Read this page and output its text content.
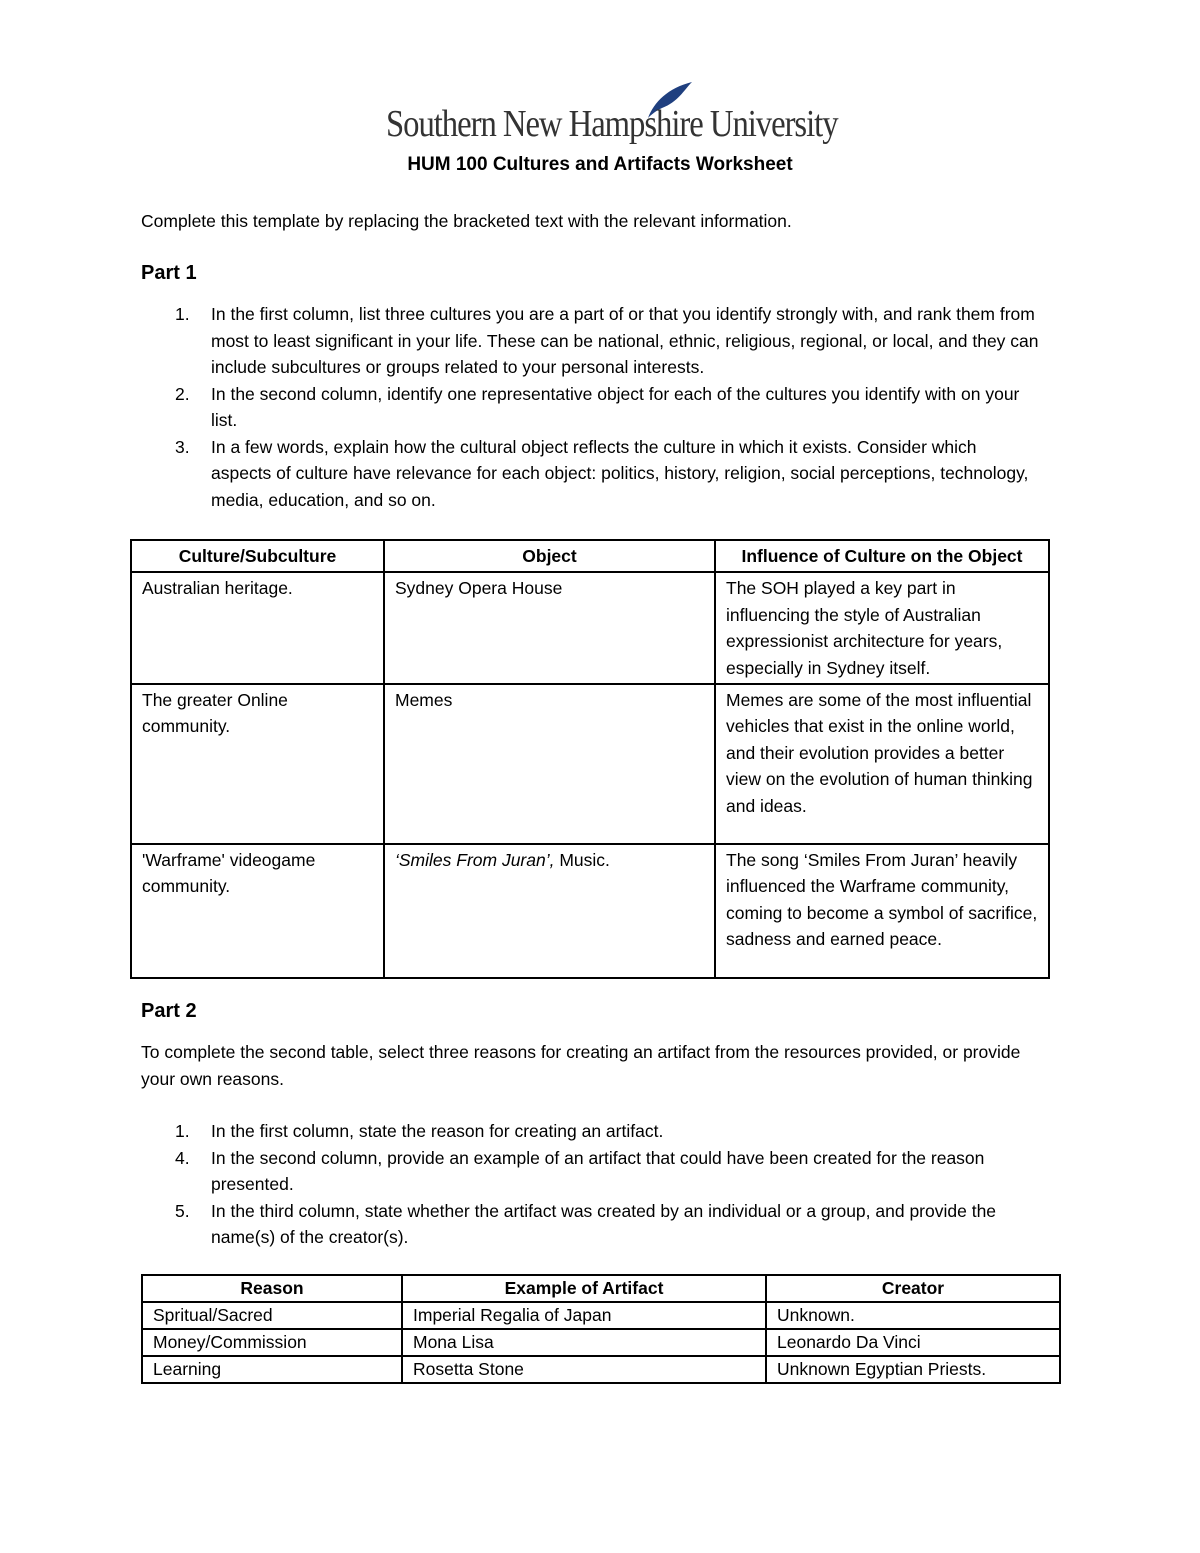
Southern New Hampshire University
HUM 100 Cultures and Artifacts Worksheet
Complete this template by replacing the bracketed text with the relevant information.
Part 1
1. In the first column, list three cultures you are a part of or that you identify strongly with, and rank them from most to least significant in your life. These can be national, ethnic, religious, regional, or local, and they can include subcultures or groups related to your personal interests.
2. In the second column, identify one representative object for each of the cultures you identify with on your list.
3. In a few words, explain how the cultural object reflects the culture in which it exists. Consider which aspects of culture have relevance for each object: politics, history, religion, social perceptions, technology, media, education, and so on.
Culture/Subculture	Object	Influence of Culture on the Object
Australian heritage.	Sydney Opera House	The SOH played a key part in influencing the style of Australian expressionist architecture for years, especially in Sydney itself.
The greater Online community.	Memes	Memes are some of the most influential vehicles that exist in the online world, and their evolution provides a better view on the evolution of human thinking and ideas.
'Warframe' videogame community.	‘Smiles From Juran’, Music.	The song ‘Smiles From Juran’ heavily influenced the Warframe community, coming to become a symbol of sacrifice, sadness and earned peace.
Part 2
To complete the second table, select three reasons for creating an artifact from the resources provided, or provide your own reasons.
1. In the first column, state the reason for creating an artifact.
4. In the second column, provide an example of an artifact that could have been created for the reason presented.
5. In the third column, state whether the artifact was created by an individual or a group, and provide the name(s) of the creator(s).
Reason	Example of Artifact	Creator
Spritual/Sacred	Imperial Regalia of Japan	Unknown.
Money/Commission	Mona Lisa	Leonardo Da Vinci
Learning	Rosetta Stone	Unknown Egyptian Priests.
